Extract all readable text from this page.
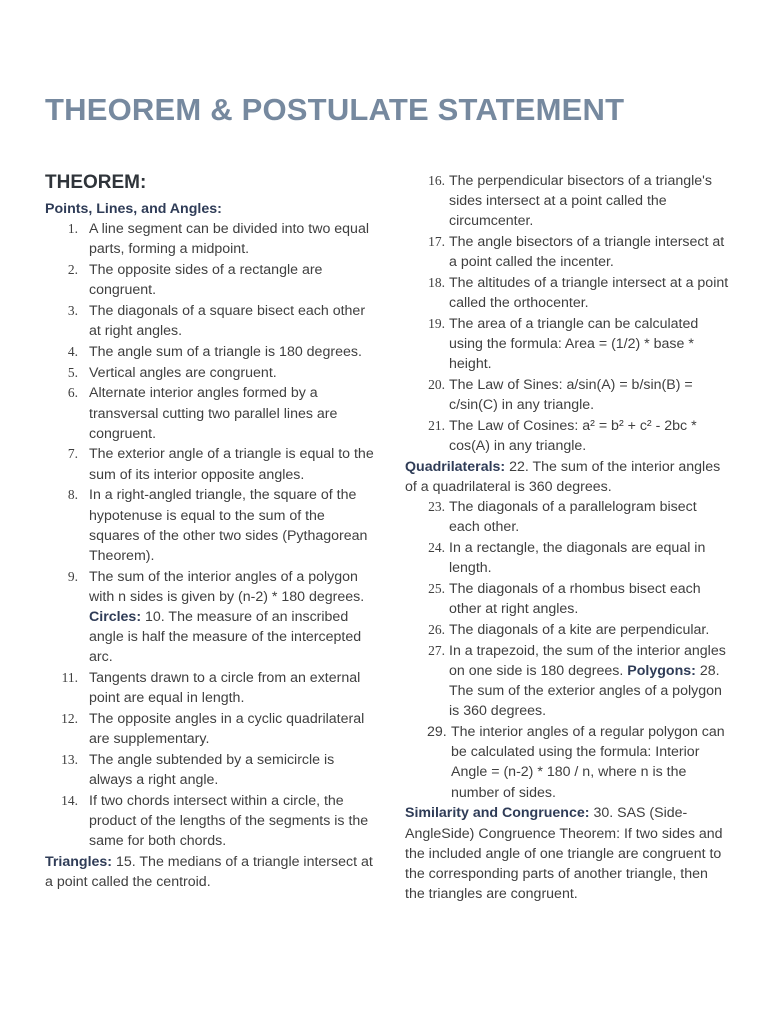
THEOREM & POSTULATE STATEMENT
THEOREM:
Points, Lines, and Angles:
1. A line segment can be divided into two equal parts, forming a midpoint.
2. The opposite sides of a rectangle are congruent.
3. The diagonals of a square bisect each other at right angles.
4. The angle sum of a triangle is 180 degrees.
5. Vertical angles are congruent.
6. Alternate interior angles formed by a transversal cutting two parallel lines are congruent.
7. The exterior angle of a triangle is equal to the sum of its interior opposite angles.
8. In a right-angled triangle, the square of the hypotenuse is equal to the sum of the squares of the other two sides (Pythagorean Theorem).
9. The sum of the interior angles of a polygon with n sides is given by (n-2) * 180 degrees. Circles: 10. The measure of an inscribed angle is half the measure of the intercepted arc.
11. Tangents drawn to a circle from an external point are equal in length.
12. The opposite angles in a cyclic quadrilateral are supplementary.
13. The angle subtended by a semicircle is always a right angle.
14. If two chords intersect within a circle, the product of the lengths of the segments is the same for both chords.
Triangles: 15. The medians of a triangle intersect at a point called the centroid.
16. The perpendicular bisectors of a triangle's sides intersect at a point called the circumcenter.
17. The angle bisectors of a triangle intersect at a point called the incenter.
18. The altitudes of a triangle intersect at a point called the orthocenter.
19. The area of a triangle can be calculated using the formula: Area = (1/2) * base * height.
20. The Law of Sines: a/sin(A) = b/sin(B) = c/sin(C) in any triangle.
21. The Law of Cosines: a² = b² + c² - 2bc * cos(A) in any triangle.
Quadrilaterals: 22. The sum of the interior angles of a quadrilateral is 360 degrees.
23. The diagonals of a parallelogram bisect each other.
24. In a rectangle, the diagonals are equal in length.
25. The diagonals of a rhombus bisect each other at right angles.
26. The diagonals of a kite are perpendicular.
27. In a trapezoid, the sum of the interior angles on one side is 180 degrees. Polygons: 28. The sum of the exterior angles of a polygon is 360 degrees.
29. The interior angles of a regular polygon can be calculated using the formula: Interior Angle = (n-2) * 180 / n, where n is the number of sides.
Similarity and Congruence: 30. SAS (Side-AngleSide) Congruence Theorem: If two sides and the included angle of one triangle are congruent to the corresponding parts of another triangle, then the triangles are congruent.
